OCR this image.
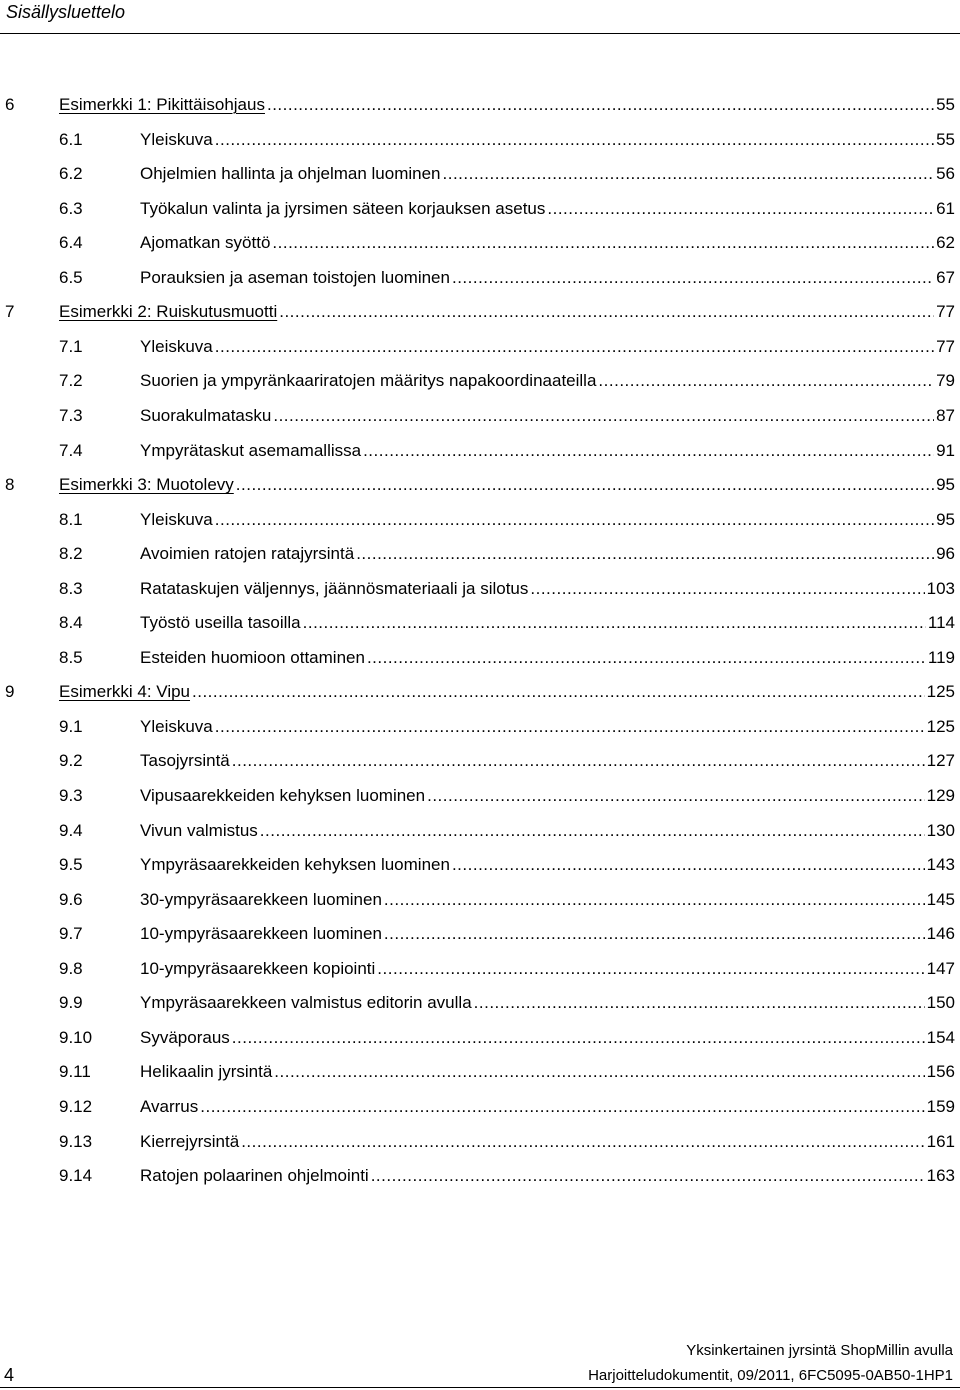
Sisällysluettelo
6	Esimerkki 1: Pikittäisohjaus .....	55
6.1	Yleiskuva .....	55
6.2	Ohjelmien hallinta ja ohjelman luominen .....	56
6.3	Työkalun valinta ja jyrsimen säteen korjauksen asetus .....	61
6.4	Ajomatkan syöttö .....	62
6.5	Porauksien ja aseman toistojen luominen .....	67
7	Esimerkki 2: Ruiskutusmuotti .....	77
7.1	Yleiskuva .....	77
7.2	Suorien ja ympyränkaariratojen määritys napakoordinaateilla .....	79
7.3	Suorakulmatasku .....	87
7.4	Ympyrätaskut asemamallissa .....	91
8	Esimerkki 3: Muotolevy .....	95
8.1	Yleiskuva .....	95
8.2	Avoimien ratojen ratajyrsintä .....	96
8.3	Ratataskujen väljennys, jäännösmateriaali ja silotus .....	103
8.4	Työstö useilla tasoilla .....	114
8.5	Esteiden huomioon ottaminen .....	119
9	Esimerkki 4: Vipu .....	125
9.1	Yleiskuva .....	125
9.2	Tasojyrsintä .....	127
9.3	Vipusaarekkeiden kehyksen luominen .....	129
9.4	Vivun valmistus .....	130
9.5	Ympyräsaarekkeiden kehyksen luominen .....	143
9.6	30-ympyräsaarekkeen luominen .....	145
9.7	10-ympyräsaarekkeen luominen .....	146
9.8	10-ympyräsaarekkeen kopiointi .....	147
9.9	Ympyräsaarekkeen valmistus editorin avulla .....	150
9.10	Syväporaus .....	154
9.11	Helikaalin jyrsintä .....	156
9.12	Avarrus .....	159
9.13	Kierrejyrsintä .....	161
9.14	Ratojen polaarinen ohjelmointi .....	163
Yksinkertainen jyrsintä ShopMillin avulla
Harjoitteludokumentit, 09/2011, 6FC5095-0AB50-1HP1
4
